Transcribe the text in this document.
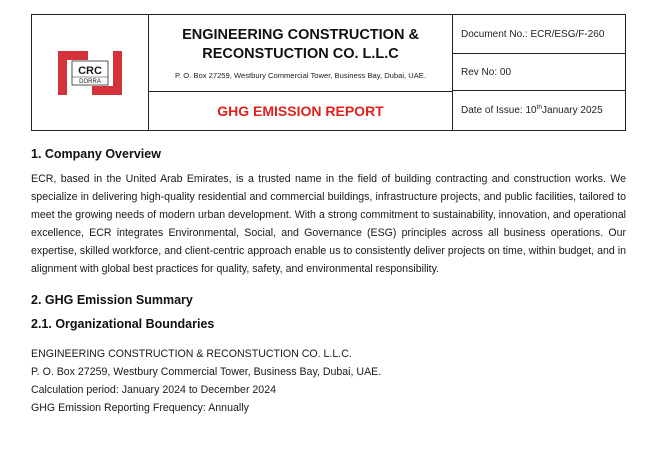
CRC
DORRA
ENGINEERING CONSTRUCTION &
RECONSTUCTION CO. L.L.C
P. O. Box 27259, Westbury Commercial Tower, Business Bay, Dubai, UAE.
GHG EMISSION REPORT
Document No.: ECR/ESG/F-260
Rev No: 00
Date of Issue: 10th January 2025
1. Company Overview

ECR, based in the United Arab Emirates, is a trusted name in the field of building contracting and construction works. We specialize in delivering high-quality residential and commercial buildings, infrastructure projects, and public facilities, tailored to meet the growing needs of modern urban development. With a strong commitment to sustainability, innovation, and operational excellence, ECR integrates Environmental, Social, and Governance (ESG) principles across all business operations. Our expertise, skilled workforce, and client-centric approach enable us to consistently deliver projects on time, within budget, and in alignment with global best practices for quality, safety, and environmental responsibility.

2. GHG Emission Summary
2.1. Organizational Boundaries
ENGINEERING CONSTRUCTION & RECONSTUCTION CO. L.L.C.
P. O. Box 27259, Westbury Commercial Tower, Business Bay, Dubai, UAE.
Calculation period: January 2024 to December 2024
GHG Emission Reporting Frequency: Annually
